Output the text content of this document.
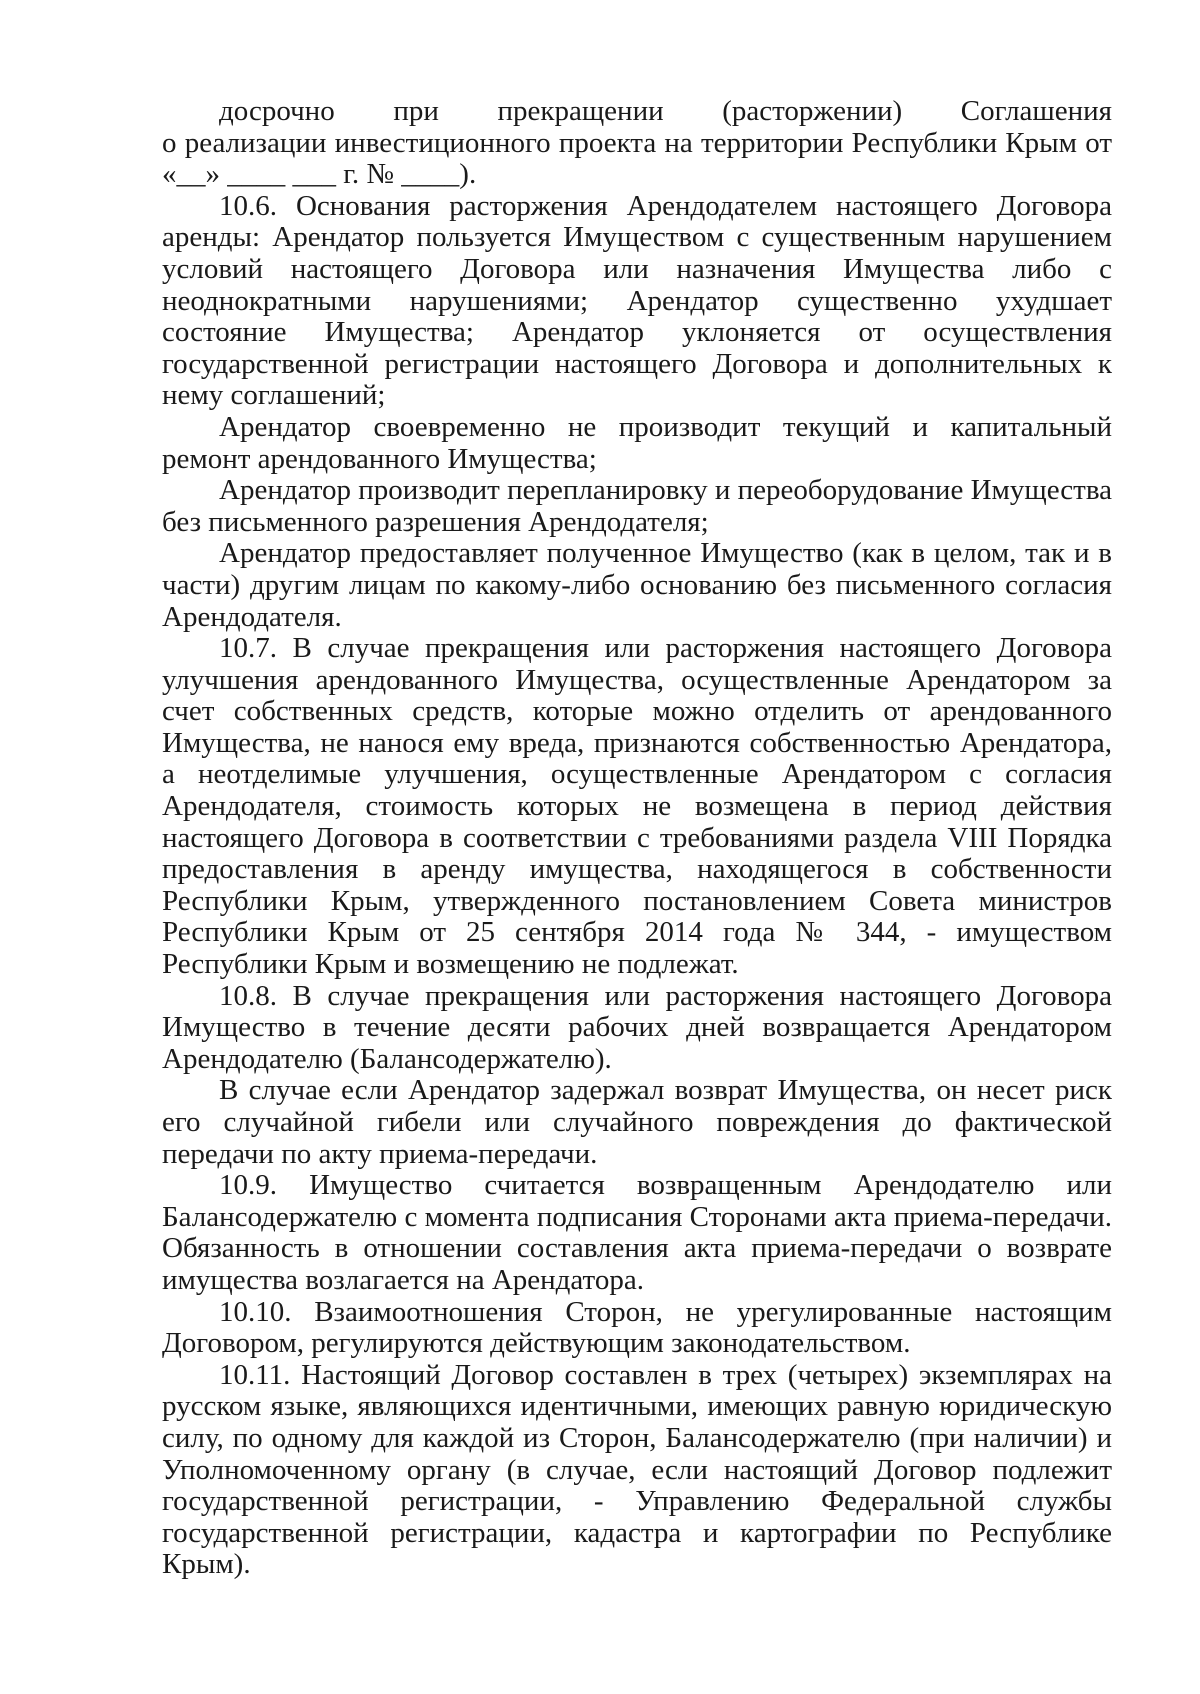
досрочно при прекращении (расторжении) Соглашения

о реализации инвестиционного проекта на территории Республики Крым от «__» ____ ___ г. № ____).

10.6. Основания расторжения Арендодателем настоящего Договора аренды: Арендатор пользуется Имуществом с существенным нарушением условий настоящего Договора или назначения Имущества либо с неоднократными нарушениями; Арендатор существенно ухудшает состояние Имущества; Арендатор уклоняется от осуществления государственной регистрации настоящего Договора и дополнительных к нему соглашений;

Арендатор своевременно не производит текущий и капитальный ремонт арендованного Имущества;

Арендатор производит перепланировку и переоборудование Имущества без письменного разрешения Арендодателя;

Арендатор предоставляет полученное Имущество (как в целом, так и в части) другим лицам по какому-либо основанию без письменного согласия Арендодателя.

10.7. В случае прекращения или расторжения настоящего Договора улучшения арендованного Имущества, осуществленные Арендатором за счет собственных средств, которые можно отделить от арендованного Имущества, не нанося ему вреда, признаются собственностью Арендатора, а неотделимые улучшения, осуществленные Арендатором с согласия Арендодателя, стоимость которых не возмещена в период действия настоящего Договора в соответствии с требованиями раздела VIII Порядка предоставления в аренду имущества, находящегося в собственности Республики Крым, утвержденного постановлением Совета министров Республики Крым от 25 сентября 2014 года № 344, - имуществом Республики Крым и возмещению не подлежат.

10.8. В случае прекращения или расторжения настоящего Договора Имущество в течение десяти рабочих дней возвращается Арендатором Арендодателю (Балансодержателю).

В случае если Арендатор задержал возврат Имущества, он несет риск его случайной гибели или случайного повреждения до фактической передачи по акту приема-передачи.

10.9. Имущество считается возвращенным Арендодателю или Балансодержателю с момента подписания Сторонами акта приема-передачи. Обязанность в отношении составления акта приема-передачи о возврате имущества возлагается на Арендатора.

10.10. Взаимоотношения Сторон, не урегулированные настоящим Договором, регулируются действующим законодательством.

10.11. Настоящий Договор составлен в трех (четырех) экземплярах на русском языке, являющихся идентичными, имеющих равную юридическую силу, по одному для каждой из Сторон, Балансодержателю (при наличии) и Уполномоченному органу (в случае, если настоящий Договор подлежит государственной регистрации, - Управлению Федеральной службы государственной регистрации, кадастра и картографии по Республике Крым).
